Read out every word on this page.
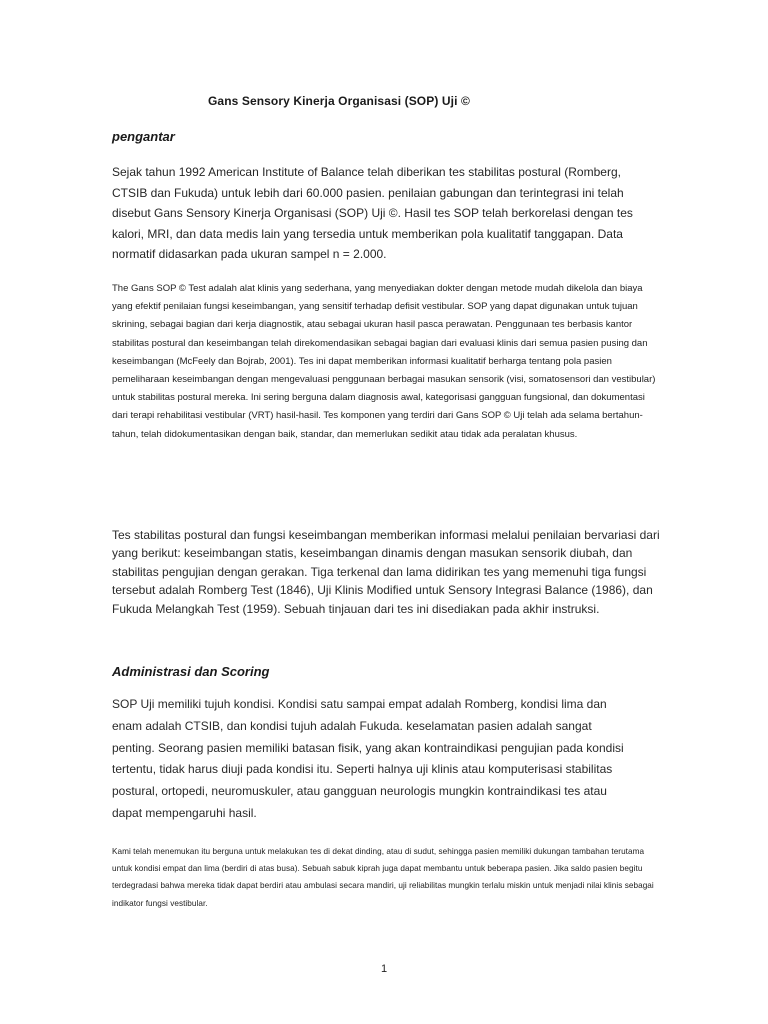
Gans Sensory Kinerja Organisasi (SOP) Uji ©
pengantar
Sejak tahun 1992 American Institute of Balance telah diberikan tes stabilitas postural (Romberg, CTSIB dan Fukuda) untuk lebih dari 60.000 pasien. penilaian gabungan dan terintegrasi ini telah disebut Gans Sensory Kinerja Organisasi (SOP) Uji ©. Hasil tes SOP telah berkorelasi dengan tes kalori, MRI, dan data medis lain yang tersedia untuk memberikan pola kualitatif tanggapan. Data normatif didasarkan pada ukuran sampel n = 2.000.
The Gans SOP © Test adalah alat klinis yang sederhana, yang menyediakan dokter dengan metode mudah dikelola dan biaya yang efektif penilaian fungsi keseimbangan, yang sensitif terhadap defisit vestibular. SOP yang dapat digunakan untuk tujuan skrining, sebagai bagian dari kerja diagnostik, atau sebagai ukuran hasil pasca perawatan. Penggunaan tes berbasis kantor stabilitas postural dan keseimbangan telah direkomendasikan sebagai bagian dari evaluasi klinis dari semua pasien pusing dan keseimbangan (McFeely dan Bojrab, 2001). Tes ini dapat memberikan informasi kualitatif berharga tentang pola pasien pemeliharaan keseimbangan dengan mengevaluasi penggunaan berbagai masukan sensorik (visi, somatosensori dan vestibular) untuk stabilitas postural mereka. Ini sering berguna dalam diagnosis awal, kategorisasi gangguan fungsional, dan dokumentasi dari terapi rehabilitasi vestibular (VRT) hasil-hasil. Tes komponen yang terdiri dari Gans SOP © Uji telah ada selama bertahun-tahun, telah didokumentasikan dengan baik, standar, dan memerlukan sedikit atau tidak ada peralatan khusus.
Tes stabilitas postural dan fungsi keseimbangan memberikan informasi melalui penilaian bervariasi dari yang berikut: keseimbangan statis, keseimbangan dinamis dengan masukan sensorik diubah, dan stabilitas pengujian dengan gerakan. Tiga terkenal dan lama didirikan tes yang memenuhi tiga fungsi tersebut adalah Romberg Test (1846), Uji Klinis Modified untuk Sensory Integrasi Balance (1986), dan Fukuda Melangkah Test (1959). Sebuah tinjauan dari tes ini disediakan pada akhir instruksi.
Administrasi dan Scoring
SOP Uji memiliki tujuh kondisi. Kondisi satu sampai empat adalah Romberg, kondisi lima dan enam adalah CTSIB, dan kondisi tujuh adalah Fukuda. keselamatan pasien adalah sangat penting. Seorang pasien memiliki batasan fisik, yang akan kontraindikasi pengujian pada kondisi tertentu, tidak harus diuji pada kondisi itu. Seperti halnya uji klinis atau komputerisasi stabilitas postural, ortopedi, neuromuskuler, atau gangguan neurologis mungkin kontraindikasi tes atau dapat mempengaruhi hasil.
Kami telah menemukan itu berguna untuk melakukan tes di dekat dinding, atau di sudut, sehingga pasien memiliki dukungan tambahan terutama untuk kondisi empat dan lima (berdiri di atas busa). Sebuah sabuk kiprah juga dapat membantu untuk beberapa pasien. Jika saldo pasien begitu terdegradasi bahwa mereka tidak dapat berdiri atau ambulasi secara mandiri, uji reliabilitas mungkin terlalu miskin untuk menjadi nilai klinis sebagai indikator fungsi vestibular.
1
